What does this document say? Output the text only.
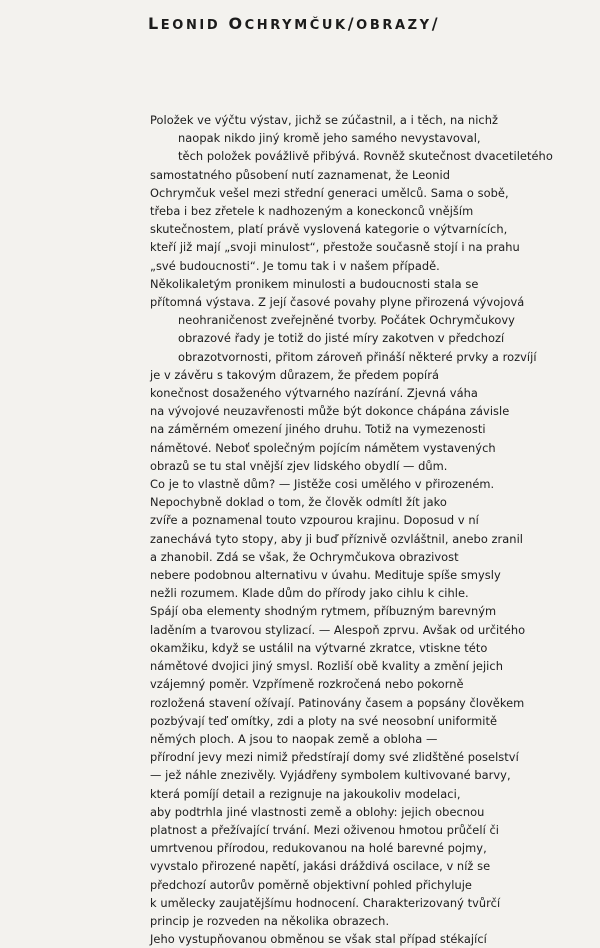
LEONID OCHRYMČUK/OBRAZY/
Položek ve výčtu výstav, jichž se zúčastnil, a i těch, na nichž
naopak nikdo jiný kromě jeho samého nevystavoval,
těch položek povážlivě přibývá. Rovněž skutečnost dvacetiletého
samostatného působení nutí zaznamenat, že Leonid
Ochrymčuk vešel mezi střední generaci umělců. Sama o sobě,
třeba i bez zřetele k nadhozeným a koneckonců vnějším
skutečnostem, platí právě vyslovená kategorie o výtvarnících,
kteří již mají „svoji minulost“, přestože současně stojí i na prahu
„své budoucnosti“. Je tomu tak i v našem případě.
Několikaletým pronikem minulosti a budoucnosti stala se
přítomná výstava. Z její časové povahy plyne přirozená vývojová
neohraničenost zveřejněné tvorby. Počátek Ochrymčukovy
obrazové řady je totiž do jisté míry zakotven v předchozí
obrazotvornosti, přitom zároveň přináší některé prvky a rozvíjí
je v závěru s takovým důrazem, že předem popírá
konečnost dosaženého výtvarného nazírání. Zjevná váha
na vývojové neuzavřenosti může být dokonce chápána závisle
na záměrném omezení jiného druhu. Totiž na vymezenosti
námětové. Neboť společným pojícím námětem vystavených
obrazů se tu stal vnější zjev lidského obydlí — dům.
Co je to vlastně dům? — Jistěže cosi umělého v přirozeném.
Nepochybně doklad o tom, že člověk odmítl žít jako
zvíře a poznamenal touto vzpourou krajinu. Doposud v ní
zanechává tyto stopy, aby ji buď příznivě ozvláštnil, anebo zranil
a zhanobil. Zdá se však, že Ochrymčukova obrazivost
nebere podobnou alternativu v úvahu. Medituje spíše smysly
nežli rozumem. Klade dům do přírody jako cihlu k cihle.
Spájí oba elementy shodným rytmem, příbuzným barevným
laděním a tvarovou stylizací. — Alespoň zprvu. Avšak od určitého
okamžiku, když se ustálil na výtvarné zkratce, vtiskne této
námětové dvojici jiný smysl. Rozliší obě kvality a změní jejich
vzájemný poměr. Vzpřímeně rozkročená nebo pokorně
rozložená stavení ožívají. Patinovány časem a popsány člověkem
pozbývají teď omítky, zdi a ploty na své neosobní uniformitě
němých ploch. A jsou to naopak země a obloha —
přírodní jevy mezi nimiž předstírají domy své zlidštěné poselství
— jež náhle znezivěly. Vyjádřeny symbolem kultivované barvy,
která pomíjí detail a rezignuje na jakoukoliv modelaci,
aby podtrhla jiné vlastnosti země a oblohy: jejich obecnou
platnost a přežívající trvání. Mezi oživenou hmotou průčelí či
umrtvenou přírodou, redukovanou na holé barevné pojmy,
vyvstalo přirozené napětí, jakási dráždivá oscilace, v níž se
předchozí autorův poměrně objektivní pohled přichyluje
k umělecky zaujatějšímu hodnocení. Charakterizovaný tvůrčí
princip je rozveden na několika obrazech.
Jeho vystupňovanou obměnou se však stal případ stékající
